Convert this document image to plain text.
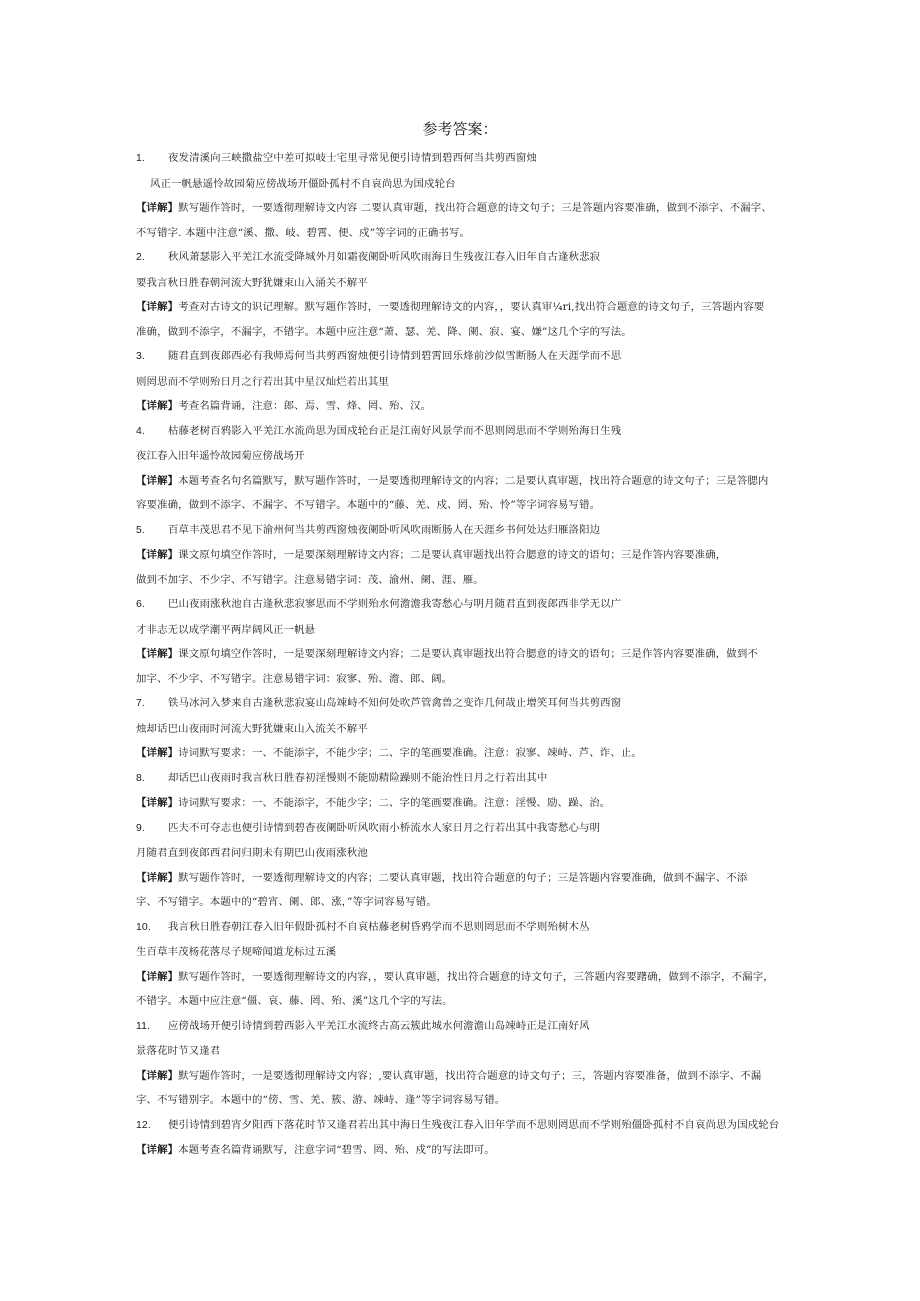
参考答案：
1. 夜发清溪向三峡撒盐空中差可拟岐士宅里寻常见便引诗情到碧西何当共剪西窗烛
风正一帆悬遥怜故园菊应傍战场开僵卧孤村不自哀尚思为国戍轮台
【详解】默写题作答时，一要透彻理解诗文内容 二要认真审题，找出符合题意的诗文句子；三是答题内容要准确，做到不添字、不漏字、
不写错字. 本题中注意“溪、撒、岐、碧霄、便、戍”等字词的正确书写。
2. 秋风萧瑟影入平羌江水流受降城外月如霜夜阑卧听风吹雨海日生残夜江春入旧年自古逢秋悲寂
要我言秋日胜春朝河流大野犹嫌束山入涌关不解平
【详解】考查对古诗文的识记理解。默写题作答时，一要透彻理解诗文的内容，，要认真审¼ri,找出符合题意的诗文句子，三答题内容要
准确，做到不添字，不漏字，不错字。本题中应注意“萧、瑟、羌、降、阑、寂、宴、嫌”这几个字的写法。
3. 随君直到夜郎西必有我师焉何当共剪西窗烛便引诗情到碧霄回乐烽前沙似雪断肠人在天涯学而不思
则罔思而不学则殆日月之行若出其中星汉灿烂若出其里
【详解】考查名篇背诵，注意：郎、焉、雪、烽、罔、殆、汉。
4. 枯藤老树百鸦影入平羌江水流尚思为国戍轮台正是江南好风景学而不思则罔思而不学则殆海日生残
夜江春入旧年遥怜故园菊应傍战场开
【详解】本题考查名句名篇默写，默写题作答时，一是要透彻理解诗文的内容；二是要认真审题，找出符合题意的诗文句子；三是答腮内
容要准确，做到不添字、不漏字、不写错字。本题中的“藤、羌、戍、罔、殆、怜”等字词容易写错。
5. 百草丰茂思君不见下渝州何当共剪西窗烛夜阑卧听风吹雨断肠人在天涯乡书何处达归雁洛阳边
【详解】课文原句填空作答时，一是要深刻理解诗文内容；二是要认真审题找出符合腮意的诗文的语句；三是作答内容要准确，
做到不加字、不少字、不写错字。注意易错字词：茂、渝州、阑、涯、雁。
6. 巴山夜雨涨秋池自古逢秋悲寂寥思而不学则殆水何澹澹我寄愁心与明月随君直到夜郎西非学无以广
才非志无以成学潮平两岸阔风正一帆悬
【详解】课文原句填空作答时，一是要深刻理解诗文内容；二是要认真审题找出符合腮意的诗文的语句；三是作答内容要准确，做到不
加字、不少字、不写错字。注意易错字词：寂寥、殆、澹、郎、阔。
7. 铁马冰河入梦来自古逢秋悲寂宴山岛竦峙不知何处吹芦管禽兽之变诈几何哉止增笑耳何当共剪西窗
烛却话巴山夜雨时河流大野犹嫌束山入流关不解平
【详解】诗词默写要求：一、不能添字，不能少字；二、字的笔画要准确。注意：寂寥、竦峙、芦、诈、止。
8. 却话巴山夜雨时我言秋日胜春初淫慢则不能励精险躁则不能治性日月之行若出其中
【详解】诗词默写要求：一、不能添字，不能少字；二、字的笔画要准确。注意：淫慢、励、躁、治。
9. 匹夫不可夺志也便引诗情到碧杳夜阑卧听风吹雨小桥流水人家日月之行若出其中我寄愁心与明
月随君直到夜郎西君问归期未有期巴山夜雨涨秋池
【详解】默写题作答时，一要透彻理解诗文的内容；二要认真审题，找出符合题意的句子；三是答题内容要准确，做到不漏字、不添
字、不写错字。本题中的“碧宵、阑、郎、涨，”等字词容易写错。
10. 我言秋日胜春朝江春入旧年假卧孤村不自哀枯藤老树昏鸦学而不思则罔思而不学则殆树木丛
生百草丰茂杨花落尽子规啼闻道龙标过五溪
【详解】默写题作答时，一要透彻理解诗文的内容，，要认真审题，找出符合题意的诗文句子，三答题内容要躇确，做到不添字，不漏字，
不错字。本题中应注意“僵、哀、藤、罔、殆、溪”这几个字的写法。
11. 应傍战场开便引诗情到碧西影入平羌江水流终古高云簇此城水何澹澹山岛竦峙正是江南好风
景落花时节又逢君
【详解】默写题作答时，一是要透彻理解诗文内容；,要认真审题，找出符合题意的诗文句子；三，答题内容要准备，做到不添字、不漏
字、不写错别字。本题中的“傍、雪、羌、簇、游、竦峙、逢”等字词容易写错。
12. 便引诗情到碧宵夕阳西下落花时节又逢君若出其中海日生残夜江春入旧年学而不思则罔思而不学则殆僵卧孤村不自哀尚思为国戍轮台
【详解】本题考查名篇背诵默写，注意字词“碧雪、罔、殆、戍”的写法即可。
